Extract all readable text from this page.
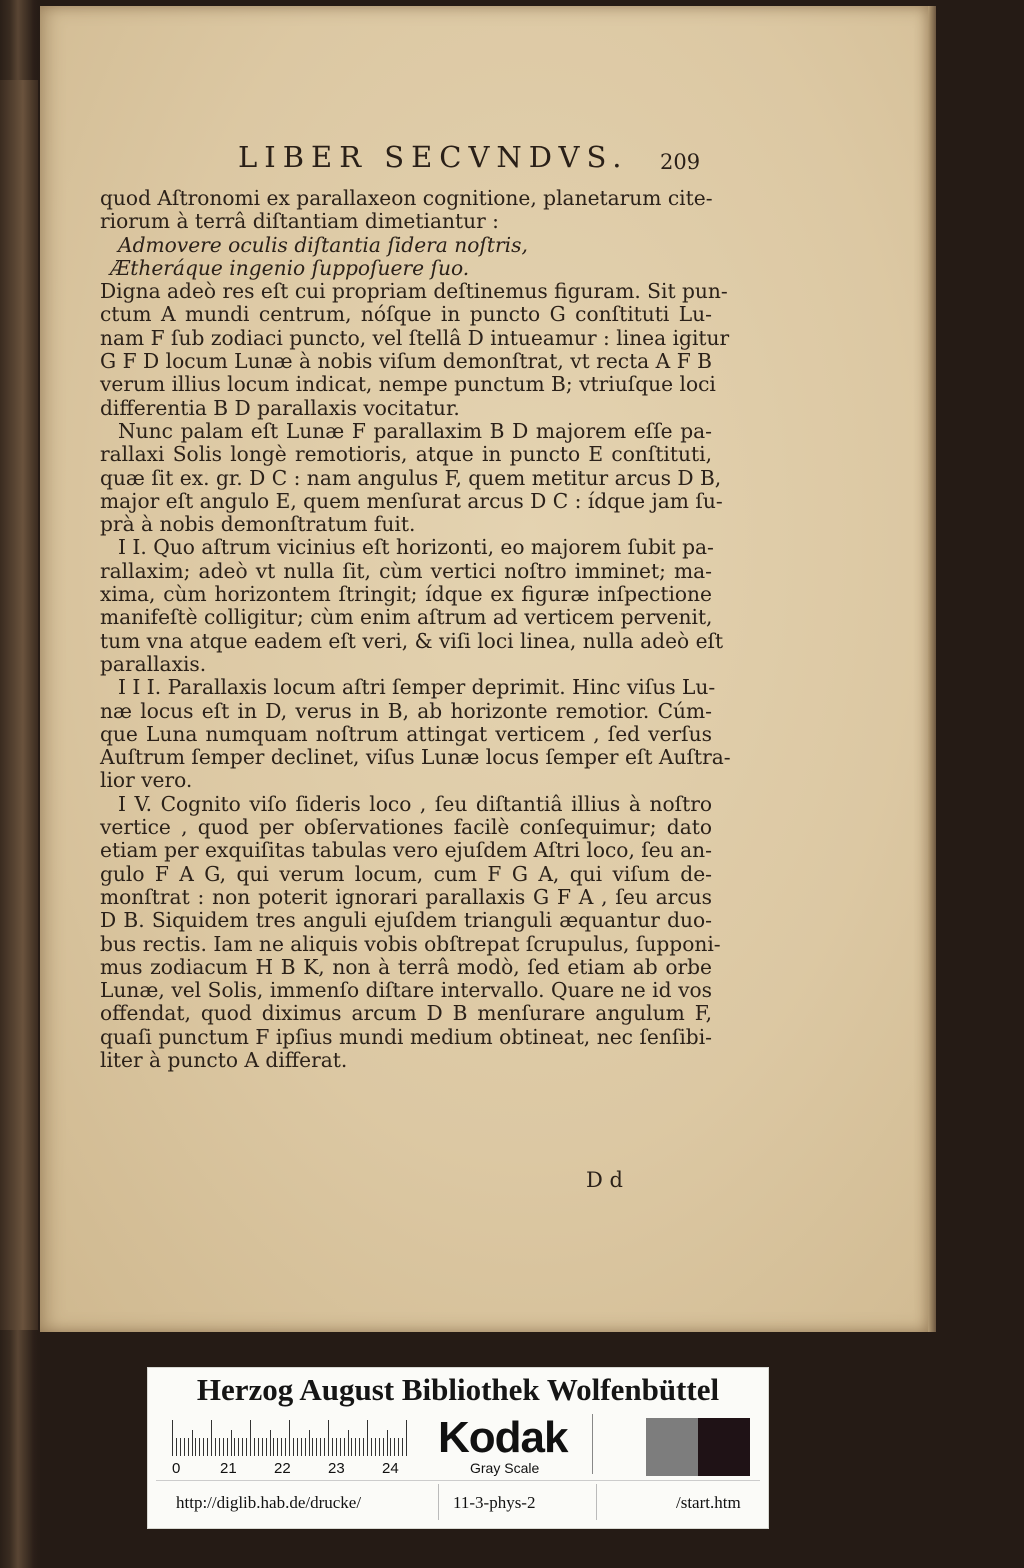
LIBER SECVNDVS. 209
quod Aſtronomi ex parallaxeon cognitione, planetarum cite-
riorum à terrâ diſtantiam dimetiantur :
Admovere oculis diſtantia ſidera noſtris,
Ætheráque ingenio ſuppoſuere ſuo.
Digna adeò res eſt cui propriam deſtinemus figuram. Sit pun-
ctum A mundi centrum, nóſque in puncto G conſtituti Lu-
nam F ſub zodiaci puncto, vel ſtellâ D intueamur : linea igitur
G F D locum Lunæ à nobis viſum demonſtrat, vt recta A F B
verum illius locum indicat, nempe punctum B; vtriuſque loci
differentia B D parallaxis vocitatur.
Nunc palam eſt Lunæ F parallaxim B D majorem eſſe pa-
rallaxi Solis longè remotioris, atque in puncto E conſtituti,
quæ ſit ex. gr. D C : nam angulus F, quem metitur arcus D B,
major eſt angulo E, quem menſurat arcus D C : ídque jam ſu-
prà à nobis demonſtratum fuit.
I I. Quo aſtrum vicinius eſt horizonti, eo majorem ſubit pa-
rallaxim; adeò vt nulla ſit, cùm vertici noſtro imminet; ma-
xima, cùm horizontem ſtringit; ídque ex figuræ inſpectione
manifeſtè colligitur; cùm enim aſtrum ad verticem pervenit,
tum vna atque eadem eſt veri, & viſi loci linea, nulla adeò eſt
parallaxis.
I I I. Parallaxis locum aſtri ſemper deprimit. Hinc viſus Lu-
næ locus eſt in D, verus in B, ab horizonte remotior. Cúm-
que Luna numquam noſtrum attingat verticem , ſed verſus
Auſtrum ſemper declinet, viſus Lunæ locus ſemper eſt Auſtra-
lior vero.
I V. Cognito viſo ſideris loco , ſeu diſtantiâ illius à noſtro
vertice , quod per obſervationes facilè conſequimur; dato
etiam per exquiſitas tabulas vero ejuſdem Aſtri loco, ſeu an-
gulo F A G, qui verum locum, cum F G A, qui viſum de-
monſtrat : non poterit ignorari parallaxis G F A , ſeu arcus
D B. Siquidem tres anguli ejuſdem trianguli æquantur duo-
bus rectis. Iam ne aliquis vobis obſtrepat ſcrupulus, ſupponi-
mus zodiacum H B K, non à terrâ modò, ſed etiam ab orbe
Lunæ, vel Solis, immenſo diſtare intervallo. Quare ne id vos
offendat, quod diximus arcum D B menſurare angulum F,
quaſi punctum F ipſius mundi medium obtineat, nec ſenſibi-
liter à puncto A differat.
D d
Herzog August Bibliothek Wolfenbüttel
0	21 22 23 24
Kodak
Gray Scale
http://diglib.hab.de/drucke/	11-3-phys-2	/start.htm
